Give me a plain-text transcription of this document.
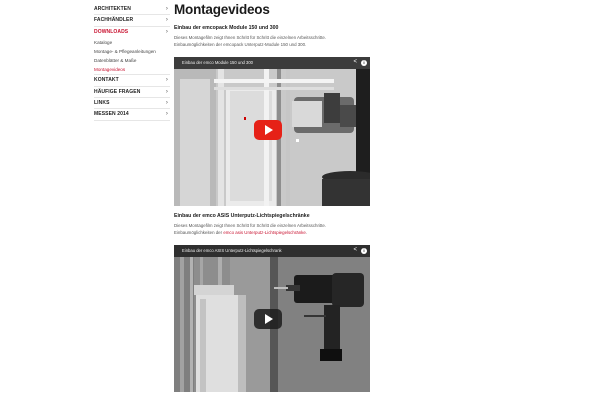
ARCHITEKTEN	›
FACHHÄNDLER	›
DOWNLOADS	›
Kataloge
Montage- & Pflegeanleitungen
Datenblätter & Maße
Montagevideos
KONTAKT	›
HÄUFIGE FRAGEN	›
LINKS	›
MESSEN 2014	›
Montagevideos
Einbau der emcopack Module 150 und 300
Dieses Montagefilm zeigt Ihnen Schritt für Schritt die einzelnen Arbeitsschritte.
Einbaumöglichkeiten der emcopack Unterputz-Module 150 und 300.
Einbau der emco Module 150 und 300	<	i
Einbau der emco ASIS Unterputz-Lichtspiegelschränke
Dieses Montagefilm zeigt Ihnen Schritt für Schritt die einzelnen Arbeitsschritte.
Einbaumöglichkeiten der emco asis Unterputz-Lichtspiegelschränke.
Einbau der emco ASIS Unterputz-Lichtspiegelschrank	<	i
